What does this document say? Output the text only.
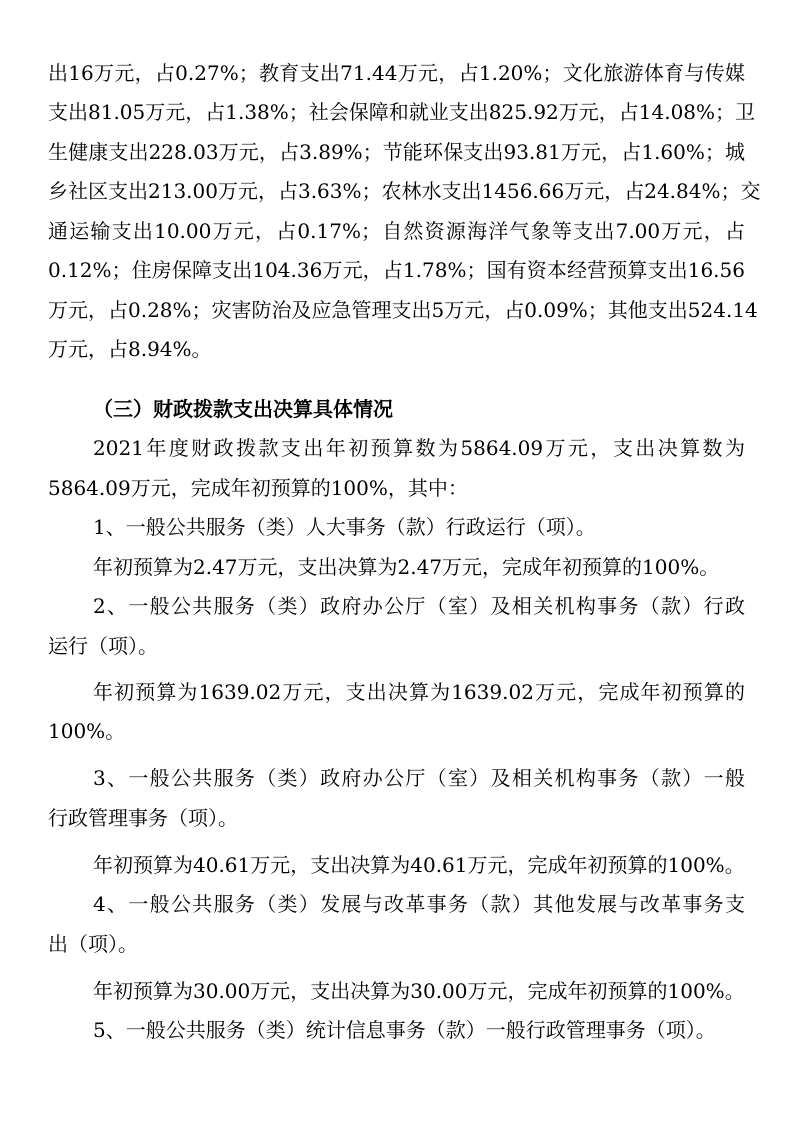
出16万元，占0.27%；教育支出71.44万元，占1.20%；文化旅游体育与传媒

支出81.05万元，占1.38%；社会保障和就业支出825.92万元，占14.08%；卫

生健康支出228.03万元，占3.89%；节能环保支出93.81万元，占1.60%；城

乡社区支出213.00万元，占3.63%；农林水支出1456.66万元，占24.84%；交

通运输支出10.00万元，占0.17%；自然资源海洋气象等支出7.00万元，占

0.12%；住房保障支出104.36万元，占1.78%；国有资本经营预算支出16.56

万元，占0.28%；灾害防治及应急管理支出5万元，占0.09%；其他支出524.14

万元，占8.94%。

（三）财政拨款支出决算具体情况

2021年度财政拨款支出年初预算数为5864.09万元，支出决算数为

5864.09万元，完成年初预算的100%，其中：

1、一般公共服务（类）人大事务（款）行政运行（项）。

年初预算为2.47万元，支出决算为2.47万元，完成年初预算的100%。

2、一般公共服务（类）政府办公厅（室）及相关机构事务（款）行政

运行（项）。

年初预算为1639.02万元，支出决算为1639.02万元，完成年初预算的

100%。

3、一般公共服务（类）政府办公厅（室）及相关机构事务（款）一般

行政管理事务（项）。

年初预算为40.61万元，支出决算为40.61万元，完成年初预算的100%。

4、一般公共服务（类）发展与改革事务（款）其他发展与改革事务支

出（项）。

年初预算为30.00万元，支出决算为30.00万元，完成年初预算的100%。

5、一般公共服务（类）统计信息事务（款）一般行政管理事务（项）。
